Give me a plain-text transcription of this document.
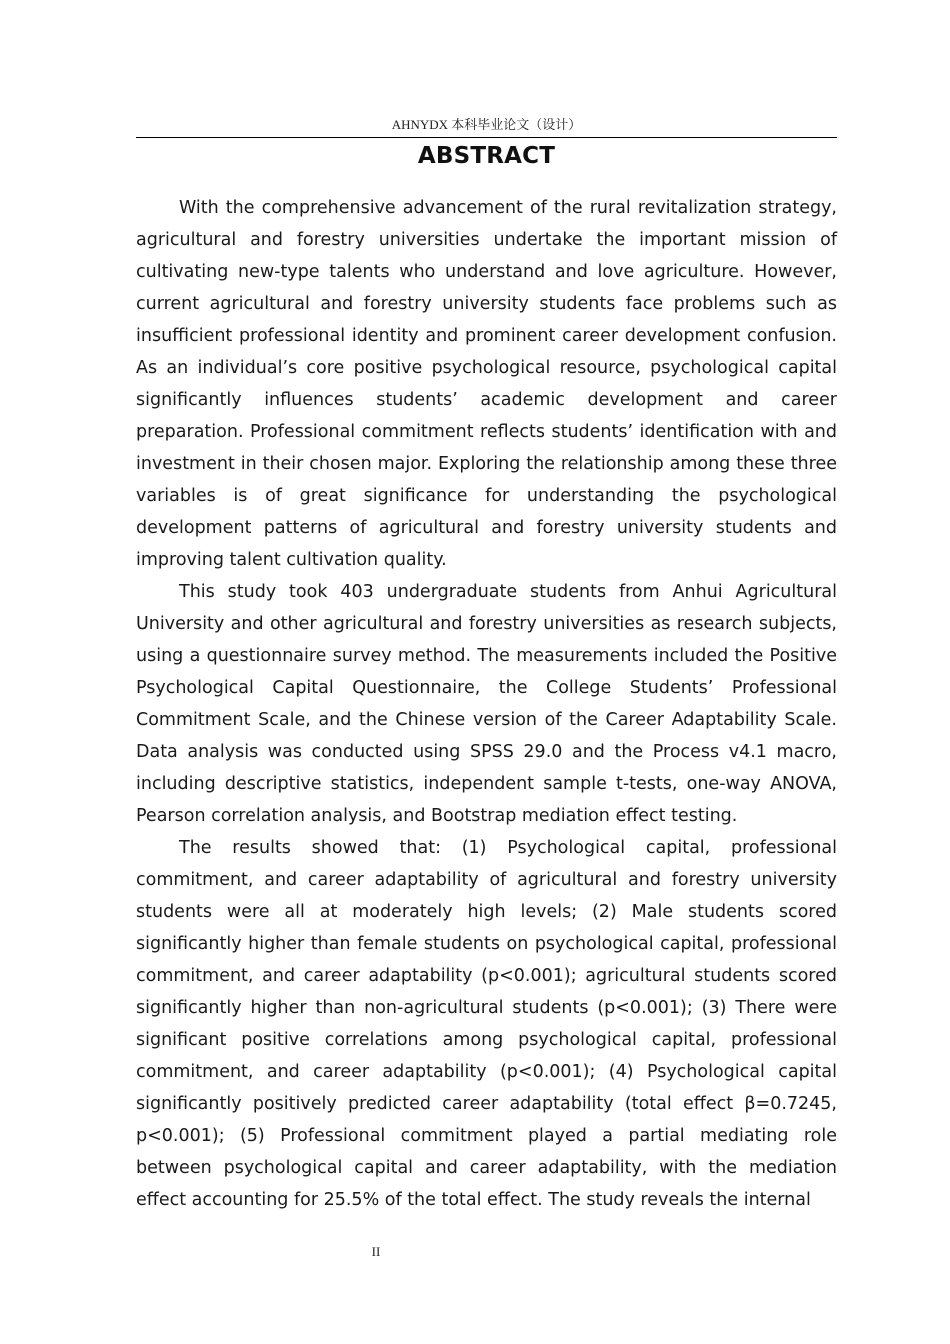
AHNYDX 本科毕业论文（设计）
ABSTRACT

With the comprehensive advancement of the rural revitalization strategy, agricultural and forestry universities undertake the important mission of cultivating new-type talents who understand and love agriculture. However, current agricultural and forestry university students face problems such as insufficient professional identity and prominent career development confusion. As an individual’s core positive psychological resource, psychological capital significantly influences students’ academic development and career preparation. Professional commitment reflects students’ identification with and investment in their chosen major. Exploring the relationship among these three variables is of great significance for understanding the psychological development patterns of agricultural and forestry university students and improving talent cultivation quality.

This study took 403 undergraduate students from Anhui Agricultural University and other agricultural and forestry universities as research subjects, using a questionnaire survey method. The measurements included the Positive Psychological Capital Questionnaire, the College Students’ Professional Commitment Scale, and the Chinese version of the Career Adaptability Scale. Data analysis was conducted using SPSS 29.0 and the Process v4.1 macro, including descriptive statistics, independent sample t-tests, one-way ANOVA, Pearson correlation analysis, and Bootstrap mediation effect testing.

The results showed that: (1) Psychological capital, professional commitment, and career adaptability of agricultural and forestry university students were all at moderately high levels; (2) Male students scored significantly higher than female students on psychological capital, professional commitment, and career adaptability (p<0.001); agricultural students scored significantly higher than non-agricultural students (p<0.001); (3) There were significant positive correlations among psychological capital, professional commitment, and career adaptability (p<0.001); (4) Psychological capital significantly positively predicted career adaptability (total effect β=0.7245, p<0.001); (5) Professional commitment played a partial mediating role between psychological capital and career adaptability, with the mediation effect accounting for 25.5% of the total effect. The study reveals the internal

II
